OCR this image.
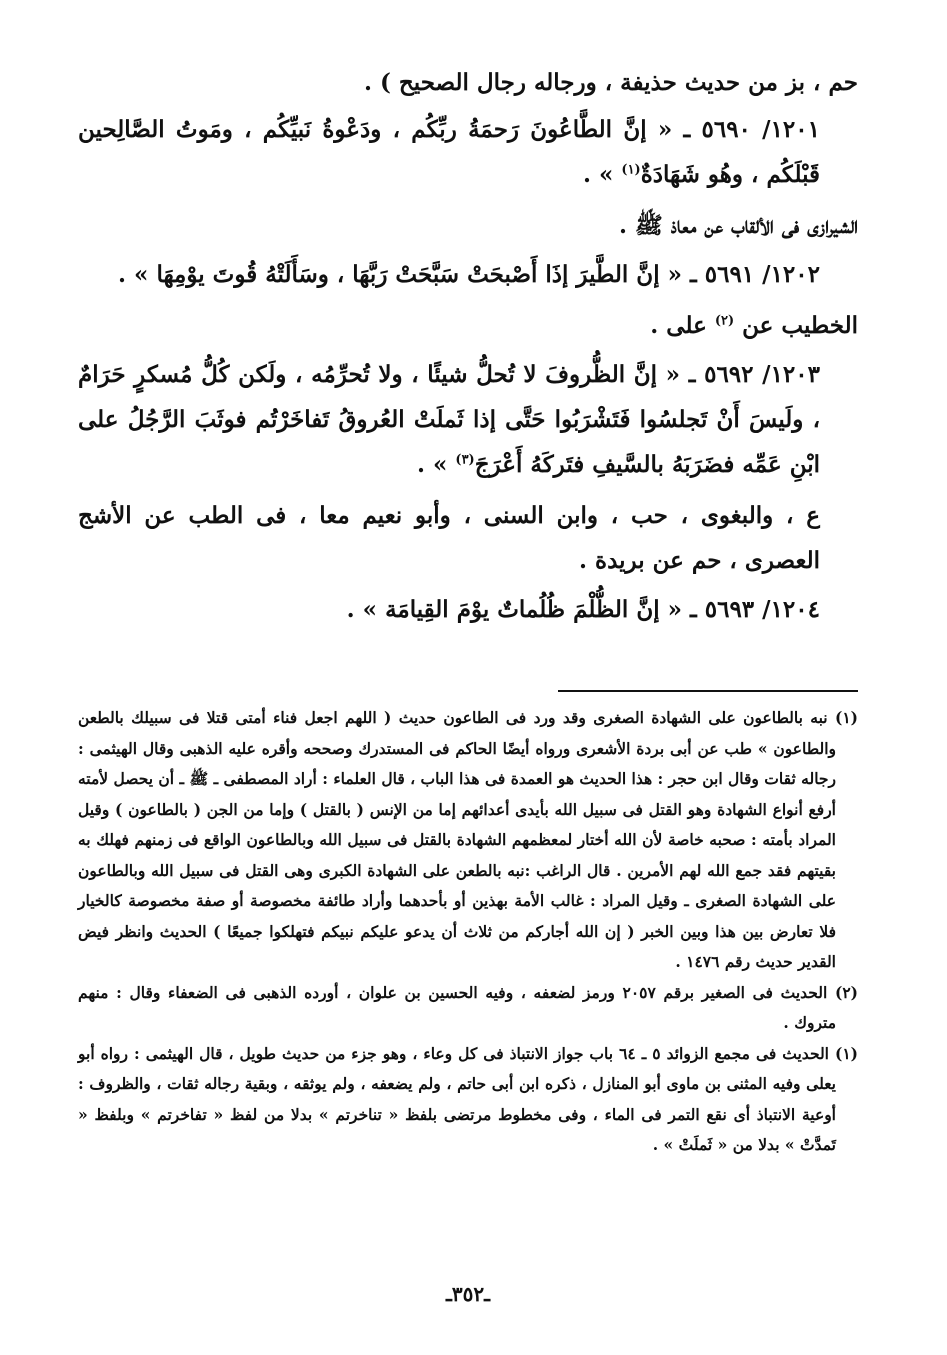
حم ، بز من حديث حذيفة ، ورجاله رجال الصحيح ) .

١٢٠١/ ٥٦٩٠ ـ « إنَّ الطَّاعُونَ رَحمَةُ ربِّكُم ، ودَعْوةُ نَبيِّكُم ، ومَوتُ الصَّالِحين قَبْلَكُم ، وهُو شَهَادَةٌ$^{(١)}$ » .

الشيرازى فى الألقاب عن معاذ ﷺ .

١٢٠٢/ ٥٦٩١ ـ « إنَّ الطَّيرَ إذَا أَصْبحَتْ سَبَّحَتْ رَبَّهَا ، وسَأَلَتْهُ قُوتَ يوْمِهَا » .

الخطيب عن $^{(٢)}$ على .

١٢٠٣/ ٥٦٩٢ ـ « إنَّ الظُّروفَ لا تُحلُّ شيئًا ، ولا تُحرِّمُه ، ولَكن كُلُّ مُسكرٍ حَرَامٌ ، ولَيسَ أَنْ تَجلسُوا فَتَشْرَبُوا حَتَّى إذا ثَملَتْ العُروقُ تَفاخَرْتُم فوثَبَ الرَّجُلُ على ابْنِ عَمِّه فضَرَبَهُ بالسَّيفِ فتَركَهُ أَعْرَجَ$^{(٣)}$ » .

ع ، والبغوى ، حب ، وابن السنى ، وأبو نعيم معا ، فى الطب عن الأشج العصرى ، حم عن بريدة .

١٢٠٤/ ٥٦٩٣ ـ « إنَّ الظُّلْمَ ظُلُماتٌ يوْمَ القِيامَة » .

(١) نبه بالطاعون على الشهادة الصغرى وقد ورد فى الطاعون حديث ( اللهم اجعل فناء أمتى قتلا فى سبيلك بالطعن والطاعون » طب عن أبى بردة الأشعرى ورواه أيضًا الحاكم فى المستدرك وصححه وأقره عليه الذهبى وقال الهيثمى : رجاله ثقات وقال ابن حجر : هذا الحديث هو العمدة فى هذا الباب ، قال العلماء : أراد المصطفى ـ ﷺ ـ أن يحصل لأمته أرفع أنواع الشهادة وهو القتل فى سبيل الله بأيدى أعدائهم إما من الإنس ( بالقتل ) وإما من الجن ( بالطاعون ) وقيل المراد بأمته : صحبه خاصة لأن الله أختار لمعظمهم الشهادة بالقتل فى سبيل الله وبالطاعون الواقع فى زمنهم فهلك به بقيتهم فقد جمع الله لهم الأمرين . قال الراغب :نبه بالطعن على الشهادة الكبرى وهى القتل فى سبيل الله وبالطاعون على الشهادة الصغرى ـ وقيل المراد : غالب الأمة بهذين أو بأحدهما وأراد طائفة مخصوصة أو صفة مخصوصة كالخيار فلا تعارض بين هذا وبين الخبر ( إن الله أجاركم من ثلاث أن يدعو عليكم نبيكم فتهلكوا جميعًا ) الحديث وانظر فيض القدير حديث رقم ١٤٧٦ .

(٢) الحديث فى الصغير برقم ٢٠٥٧ ورمز لضعفه ، وفيه الحسين بن علوان ، أورده الذهبى فى الضعفاء وقال : منهم متروك .

(١) الحديث فى مجمع الزوائد ٥ ـ ٦٤ باب جواز الانتباذ فى كل وعاء ، وهو جزء من حديث طويل ، قال الهيثمى : رواه أبو يعلى وفيه المثنى بن ماوى أبو المنازل ، ذكره ابن أبى حاتم ، ولم يضعفه ، ولم يوثقه ، وبقية رجاله ثقات ، والظروف : أوعية الانتباذ أى نقع التمر فى الماء ، وفى مخطوط مرتضى بلفظ « تناخرتم » بدلا من لفظ « تفاخرتم » وبلفظ « تَمدَّتْ » بدلا من « ثَملَتْ » .

ـ٣٥٢ـ
